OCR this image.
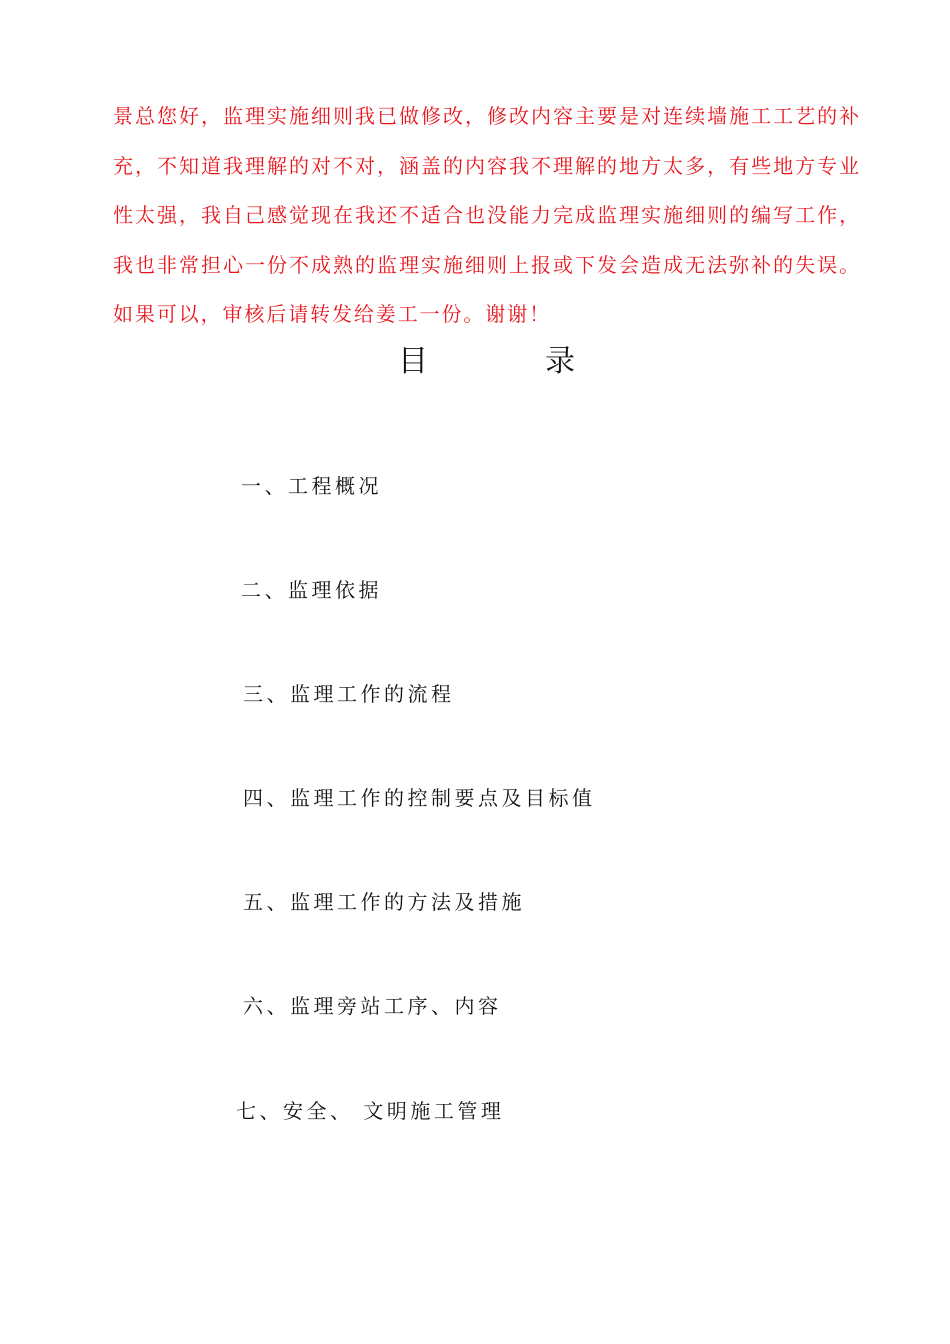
景总您好，监理实施细则我已做修改，修改内容主要是对连续墙施工工艺的补充，不知道我理解的对不对，涵盖的内容我不理解的地方太多，有些地方专业性太强，我自己感觉现在我还不适合也没能力完成监理实施细则的编写工作，我也非常担心一份不成熟的监理实施细则上报或下发会造成无法弥补的失误。如果可以，审核后请转发给姜工一份。谢谢！

目	录
一、工程概况
二、监理依据
三、监理工作的流程
四、监理工作的控制要点及目标值
五、监理工作的方法及措施
六、监理旁站工序、内容
七、安全、 文明施工管理
